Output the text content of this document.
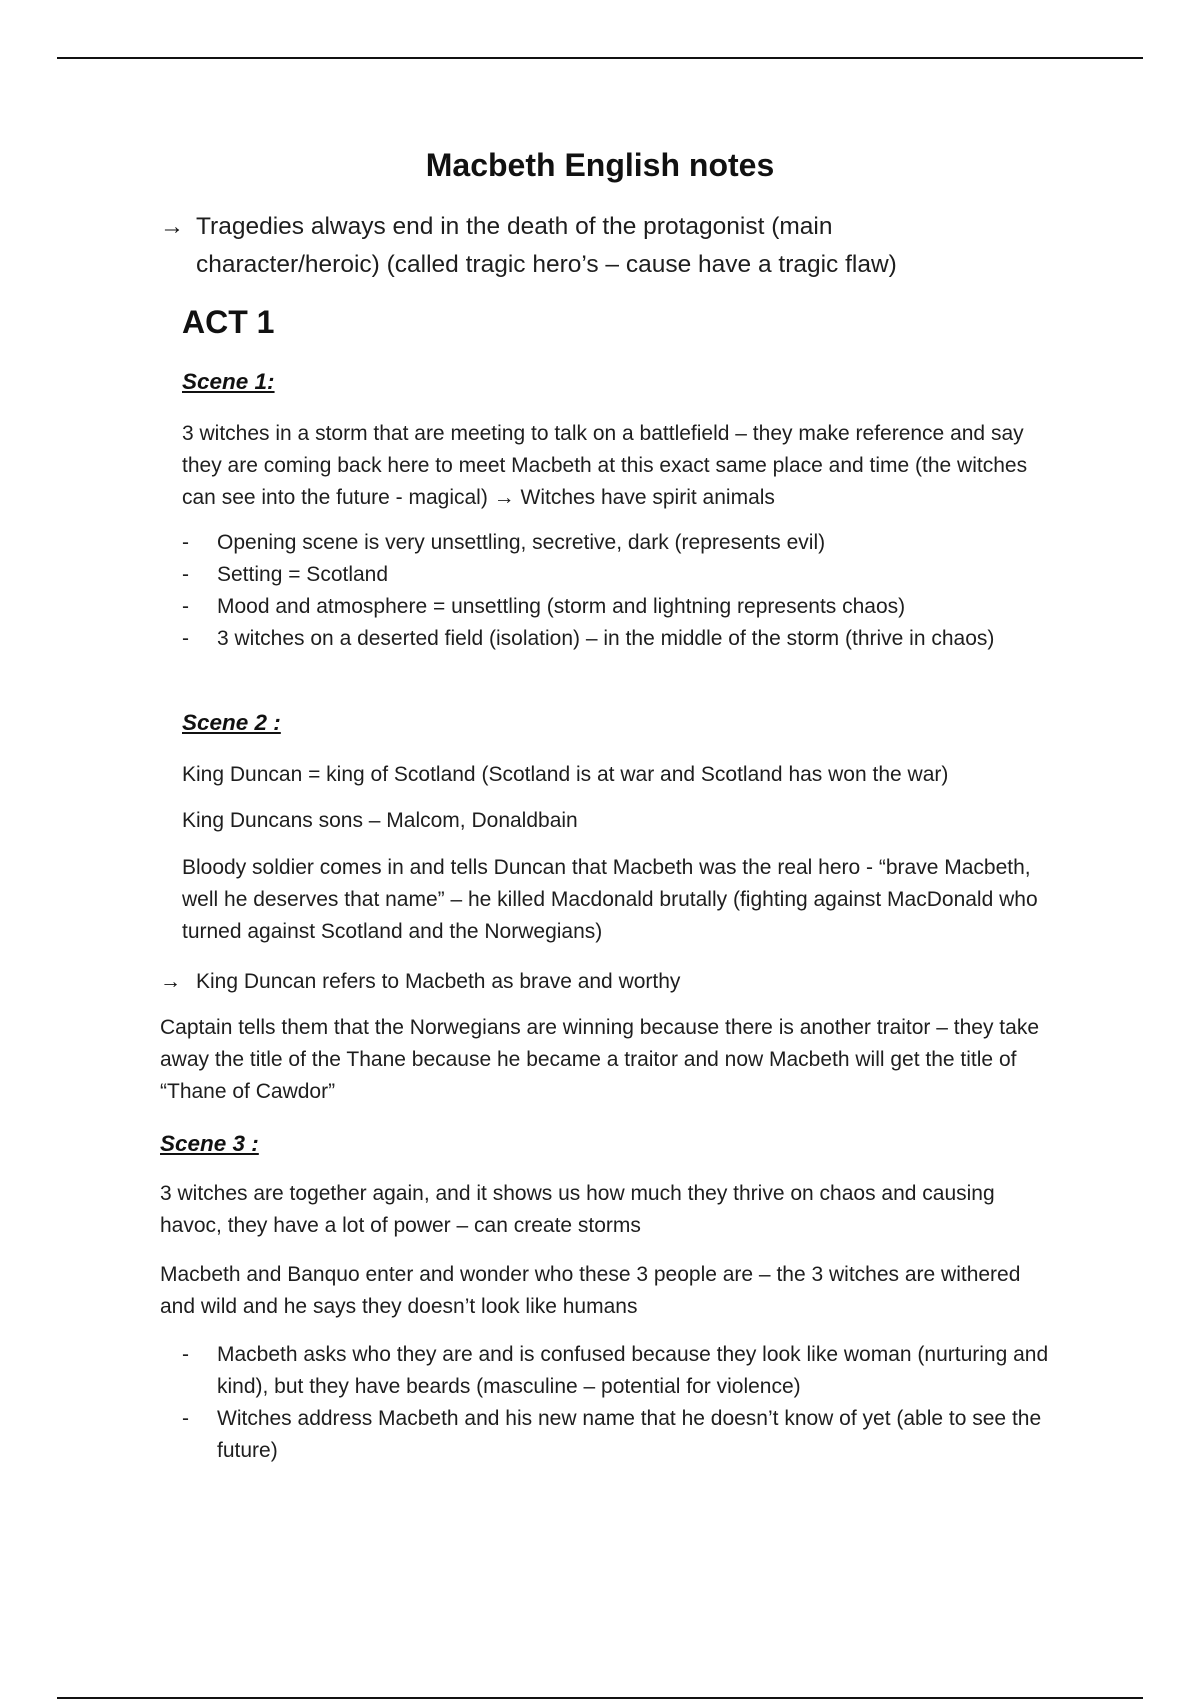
Macbeth English notes
→ Tragedies always end in the death of the protagonist (main character/heroic) (called tragic hero’s – cause have a tragic flaw)
ACT 1
Scene 1:

3 witches in a storm that are meeting to talk on a battlefield – they make reference and say they are coming back here to meet Macbeth at this exact same place and time (the witches can see into the future - magical) → Witches have spirit animals

-	Opening scene is very unsettling, secretive, dark (represents evil)
-	Setting = Scotland
-	Mood and atmosphere = unsettling (storm and lightning represents chaos)
-	3 witches on a deserted field (isolation) – in the middle of the storm (thrive in chaos)
Scene 2 :

King Duncan = king of Scotland (Scotland is at war and Scotland has won the war)

King Duncans sons – Malcom, Donaldbain

Bloody soldier comes in and tells Duncan that Macbeth was the real hero - “brave Macbeth, well he deserves that name” – he killed Macdonald brutally (fighting against MacDonald who turned against Scotland and the Norwegians)

→ King Duncan refers to Macbeth as brave and worthy

Captain tells them that the Norwegians are winning because there is another traitor – they take away the title of the Thane because he became a traitor and now Macbeth will get the title of “Thane of Cawdor”

Scene 3 :

3 witches are together again, and it shows us how much they thrive on chaos and causing havoc, they have a lot of power – can create storms

Macbeth and Banquo enter and wonder who these 3 people are – the 3 witches are withered and wild and he says they doesn’t look like humans

-	Macbeth asks who they are and is confused because they look like woman (nurturing and kind), but they have beards (masculine – potential for violence)
-	Witches address Macbeth and his new name that he doesn’t know of yet (able to see the future)
